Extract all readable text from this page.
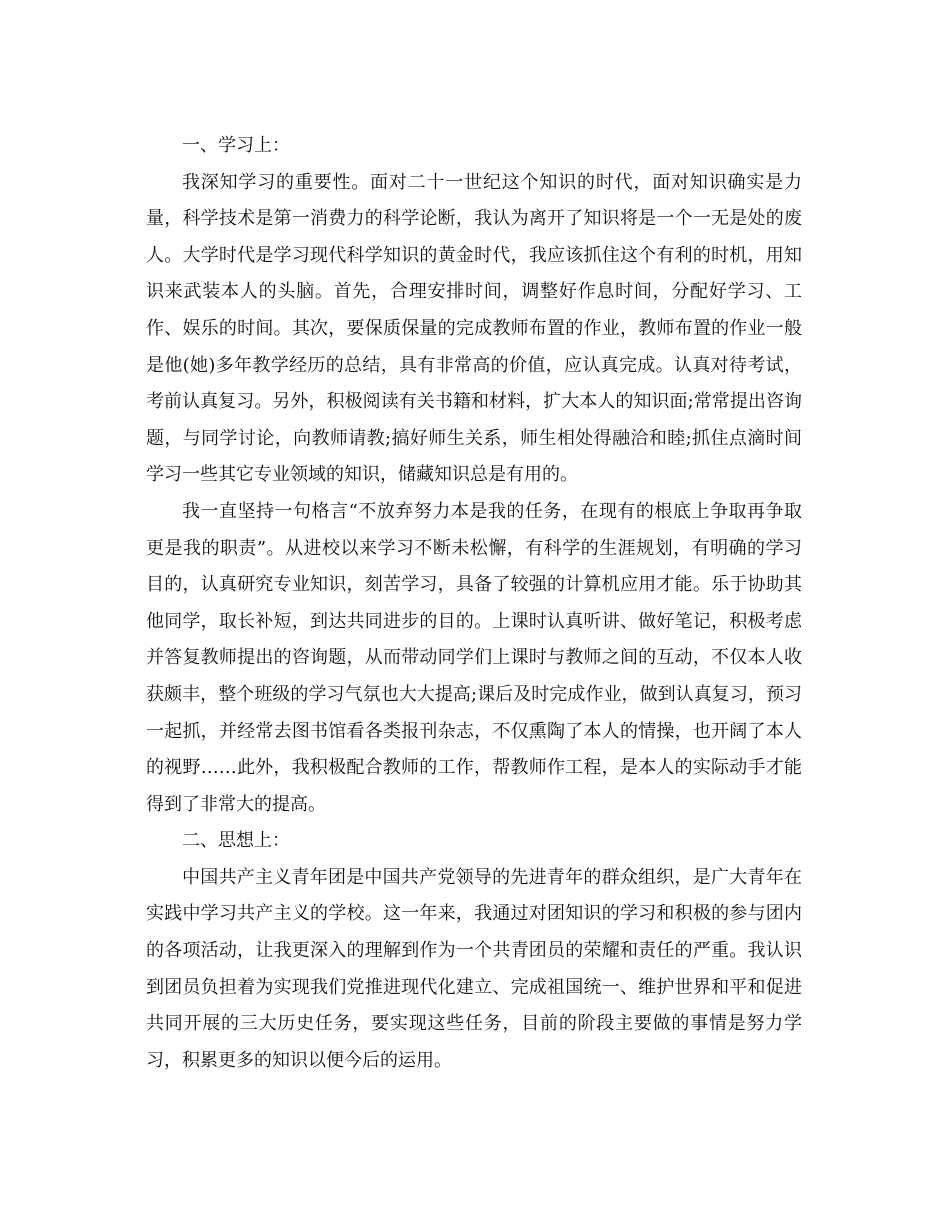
一、学习上：

我深知学习的重要性。面对二十一世纪这个知识的时代，面对知识确实是力量，科学技术是第一消费力的科学论断，我认为离开了知识将是一个一无是处的废人。大学时代是学习现代科学知识的黄金时代，我应该抓住这个有利的时机，用知识来武装本人的头脑。首先，合理安排时间，调整好作息时间，分配好学习、工作、娱乐的时间。其次，要保质保量的完成教师布置的作业，教师布置的作业一般是他(她)多年教学经历的总结，具有非常高的价值，应认真完成。认真对待考试，考前认真复习。另外，积极阅读有关书籍和材料，扩大本人的知识面;常常提出咨询题，与同学讨论，向教师请教;搞好师生关系，师生相处得融洽和睦;抓住点滴时间学习一些其它专业领域的知识，储藏知识总是有用的。

我一直坚持一句格言“不放弃努力本是我的任务，在现有的根底上争取再争取更是我的职责”。从进校以来学习不断未松懈，有科学的生涯规划，有明确的学习目的，认真研究专业知识，刻苦学习，具备了较强的计算机应用才能。乐于协助其他同学，取长补短，到达共同进步的目的。上课时认真听讲、做好笔记，积极考虑并答复教师提出的咨询题，从而带动同学们上课时与教师之间的互动，不仅本人收获颇丰，整个班级的学习气氛也大大提高;课后及时完成作业，做到认真复习，预习一起抓，并经常去图书馆看各类报刊杂志，不仅熏陶了本人的情操，也开阔了本人的视野……此外，我积极配合教师的工作，帮教师作工程，是本人的实际动手才能得到了非常大的提高。

二、思想上：

中国共产主义青年团是中国共产党领导的先进青年的群众组织，是广大青年在实践中学习共产主义的学校。这一年来，我通过对团知识的学习和积极的参与团内的各项活动，让我更深入的理解到作为一个共青团员的荣耀和责任的严重。我认识到团员负担着为实现我们党推进现代化建立、完成祖国统一、维护世界和平和促进共同开展的三大历史任务，要实现这些任务，目前的阶段主要做的事情是努力学习，积累更多的知识以便今后的运用。
